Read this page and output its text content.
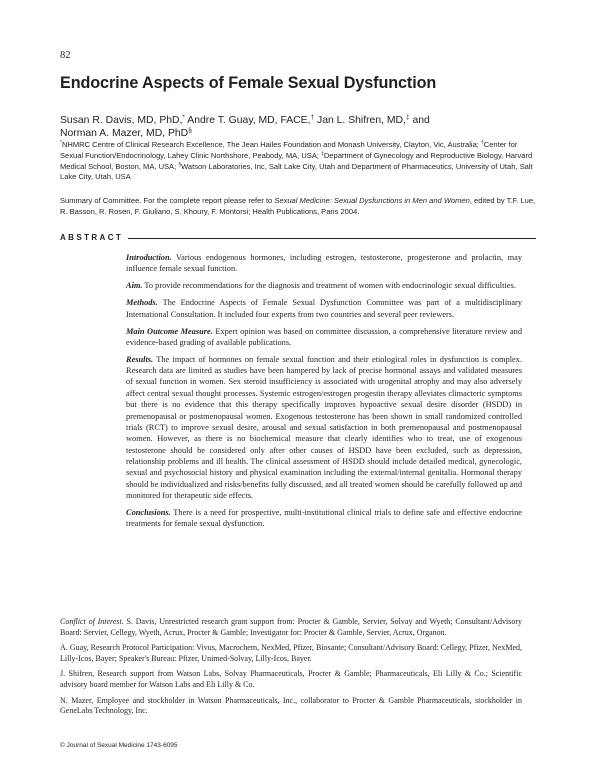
82
Endocrine Aspects of Female Sexual Dysfunction
Susan R. Davis, MD, PhD,* Andre T. Guay, MD, FACE,† Jan L. Shifren, MD,‡ and
Norman A. Mazer, MD, PhD§
*NHMRC Centre of Clinical Research Excellence, The Jean Hailes Foundation and Monash University, Clayton, Vic, Australia; †Center for Sexual Function/Endocrinology, Lahey Clinic Northshore, Peabody, MA, USA; ‡Department of Gynecology and Reproductive Biology, Harvard Medical School, Boston, MA, USA; §Watson Laboratories, Inc, Salt Lake City, Utah and Department of Pharmaceutics, University of Utah, Salt Lake City, Utah, USA
Summary of Committee. For the complete report please refer to Sexual Medicine: Sexual Dysfunctions in Men and Women, edited by T.F. Lue, R. Basson, R. Rosen, F. Giuliano, S. Khoury, F. Montorsi; Health Publications, Paris 2004.
ABSTRACT

Introduction. Various endogenous hormones, including estrogen, testosterone, progesterone and prolactin, may influence female sexual function.

Aim. To provide recommendations for the diagnosis and treatment of women with endocrinologic sexual difficulties.

Methods. The Endocrine Aspects of Female Sexual Dysfunction Committee was part of a multidisciplinary International Consultation. It included four experts from two countries and several peer reviewers.

Main Outcome Measure. Expert opinion was based on committee discussion, a comprehensive literature review and evidence-based grading of available publications.

Results. The impact of hormones on female sexual function and their etiological roles in dysfunction is complex. Research data are limited as studies have been hampered by lack of precise hormonal assays and validated measures of sexual function in women. Sex steroid insufficiency is associated with urogenital atrophy and may also adversely affect central sexual thought processes. Systemic estrogen/estrogen progestin therapy alleviates climacteric symptoms but there is no evidence that this therapy specifically improves hypoactive sexual desire disorder (HSDD) in premenopausal or postmenopausal women. Exogenous testosterone has been shown in small randomized controlled trials (RCT) to improve sexual desire, arousal and sexual satisfaction in both premenopausal and postmenopausal women. However, as there is no biochemical measure that clearly identifies who to treat, use of exogenous testosterone should be considered only after other causes of HSDD have been excluded, such as depression, relationship problems and ill health. The clinical assessment of HSDD should include detailed medical, gynecologic, sexual and psychosocial history and physical examination including the external/internal genitalia. Hormonal therapy should be individualized and risks/benefits fully discussed, and all treated women should be carefully followed up and monitored for therapeutic side effects.

Conclusions. There is a need for prospective, multi-institutional clinical trials to define safe and effective endocrine treatments for female sexual dysfunction.

Conflict of Interest. S. Davis, Unrestricted research grant support from: Procter & Gamble, Servier, Solvay and Wyeth; Consultant/Advisory Board: Servier, Cellegy, Wyeth, Acrux, Procter & Gamble; Investigator for: Procter & Gamble, Servier, Acrux, Organon.

A. Guay, Research Protocol Participation: Vivus, Macrochem, NexMed, Pfizer, Biosante; Consultant/Advisory Board: Cellegy, Pfizer, NexMed, Lilly-Icos, Bayer; Speaker's Bureau: Pfizer, Unimed-Solvay, Lilly-Icos, Bayer.

J. Shifren, Research support from Watson Labs, Solvay Pharmaceuticals, Procter & Gamble; Pharmaceuticals, Eli Lilly & Co.; Scientific advisory board member for Watson Labs and Eli Lilly & Co.

N. Mazer, Employee and stockholder in Watson Pharmaceuticals, Inc., collaborator to Procter & Gamble Pharmaceuticals, stockholder in GeneLabs Technology, Inc.

© Journal of Sexual Medicine 1743-6095
